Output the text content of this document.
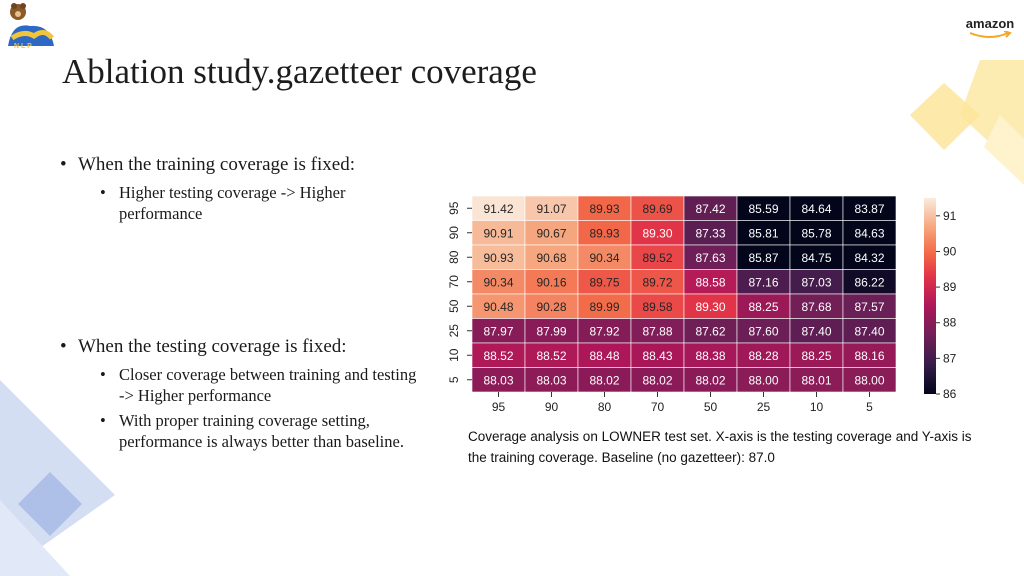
N L P
amazon
Ablation study.gazetteer coverage
• When the training coverage is fixed:
• Higher testing coverage -> Higher performance
• When the testing coverage is fixed:
• Closer coverage between training and testing -> Higher performance
• With proper training coverage setting, performance is always better than baseline.
91.42 91.07 89.93 89.69 87.42 85.59 84.64 83.87
90.91 90.67 89.93 89.30 87.33 85.81 85.78 84.63
90.93 90.68 90.34 89.52 87.63 85.87 84.75 84.32
90.34 90.16 89.75 89.72 88.58 87.16 87.03 86.22
90.48 90.28 89.99 89.58 89.30 88.25 87.68 87.57
87.97 87.99 87.92 87.88 87.62 87.60 87.40 87.40
88.52 88.52 88.48 88.43 88.38 88.28 88.25 88.16
88.03 88.03 88.02 88.02 88.02 88.00 88.01 88.00
95
90
80
70
50
25
10
5
95	90	80	70	50	25	10	5
86
87
88
89
90
91
Coverage analysis on LOWNER test set. X-axis is the testing coverage and Y-axis is the training coverage. Baseline (no gazetteer): 87.0
